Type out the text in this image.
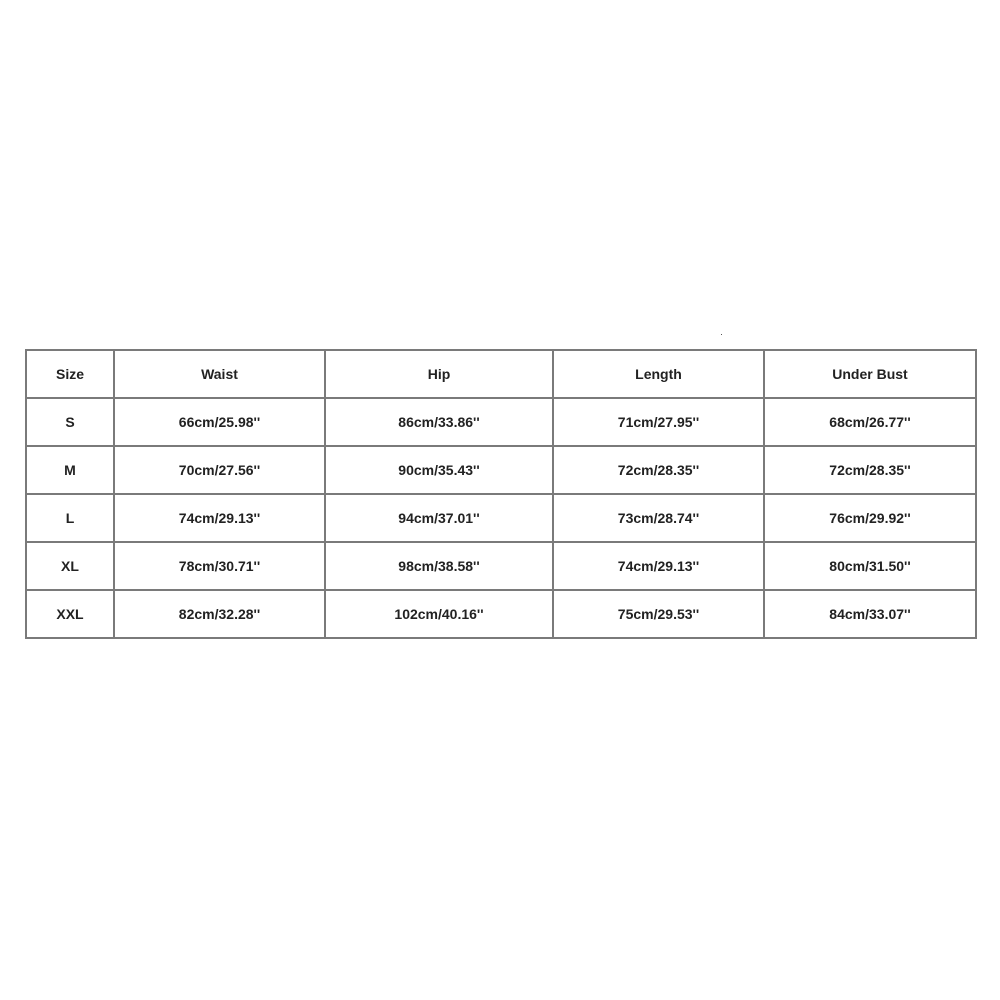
Size	Waist	Hip	Length	Under Bust
S	66cm/25.98''	86cm/33.86''	71cm/27.95''	68cm/26.77''
M	70cm/27.56''	90cm/35.43''	72cm/28.35''	72cm/28.35''
L	74cm/29.13''	94cm/37.01''	73cm/28.74''	76cm/29.92''
XL	78cm/30.71''	98cm/38.58''	74cm/29.13''	80cm/31.50''
XXL	82cm/32.28''	102cm/40.16''	75cm/29.53''	84cm/33.07''
